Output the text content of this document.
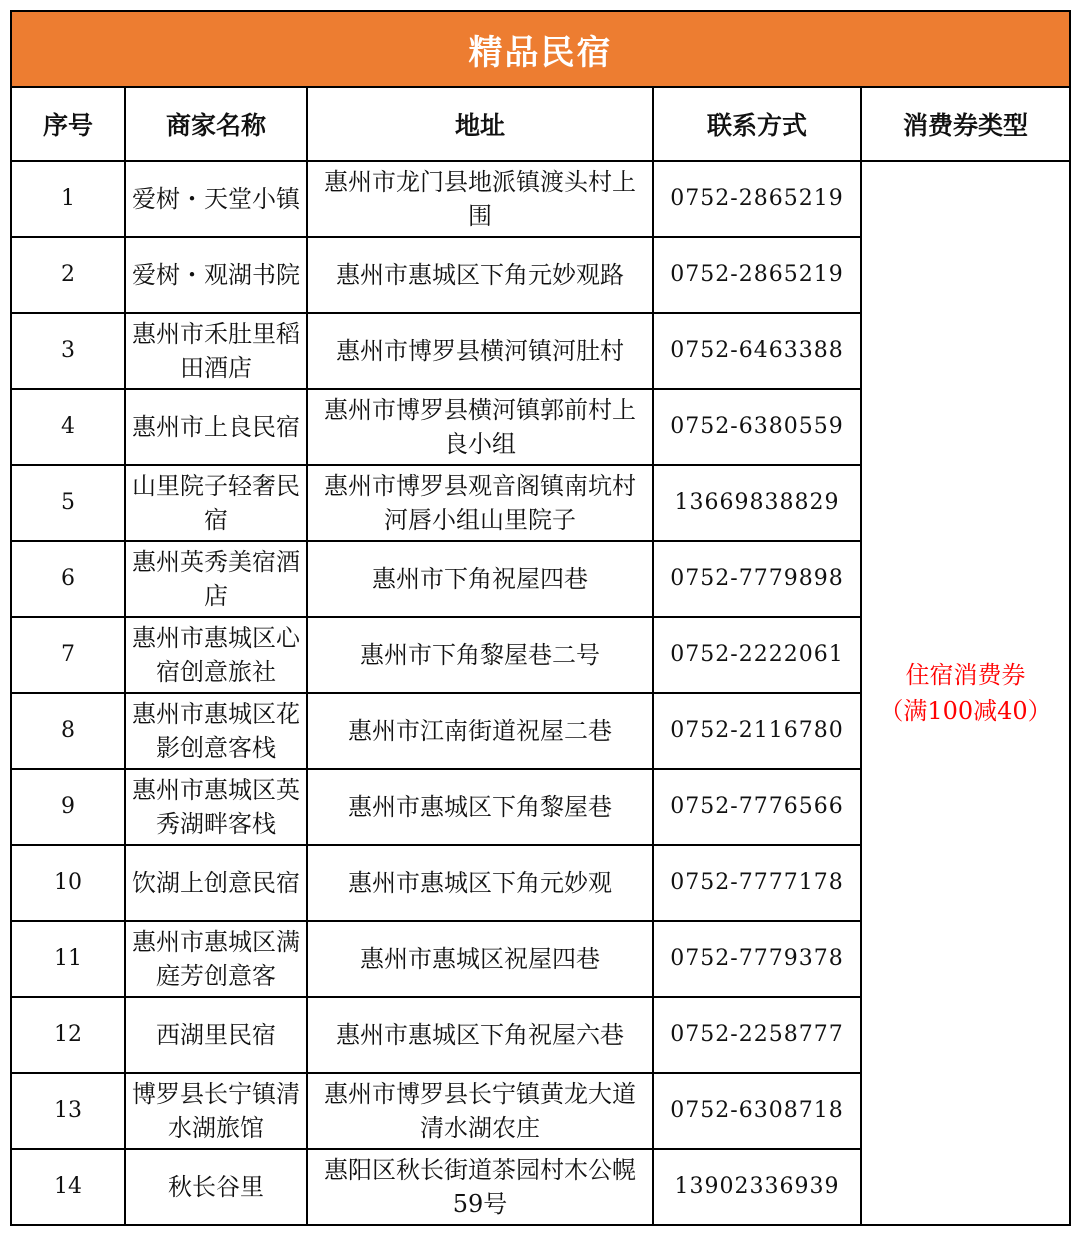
精品民宿				
序号	商家名称	地址	联系方式	消费券类型
1	爱树・天堂小镇	惠州市龙门县地派镇渡头村上围	0752-2865219	住宿消费券
（满100减40）

2	爱树・观湖书院	惠州市惠城区下角元妙观路	0752-2865219	
3	惠州市禾肚里稻田酒店	惠州市博罗县横河镇河肚村	0752-6463388	
4	惠州市上良民宿	惠州市博罗县横河镇郭前村上良小组	0752-6380559	
5	山里院子轻奢民宿	惠州市博罗县观音阁镇南坑村河唇小组山里院子	13669838829	
6	惠州英秀美宿酒店	惠州市下角祝屋四巷	0752-7779898	
7	惠州市惠城区心宿创意旅社	惠州市下角黎屋巷二号	0752-2222061	
8	惠州市惠城区花影创意客栈	惠州市江南街道祝屋二巷	0752-2116780	
9	惠州市惠城区英秀湖畔客栈	惠州市惠城区下角黎屋巷	0752-7776566	
10	饮湖上创意民宿	惠州市惠城区下角元妙观	0752-7777178	
11	惠州市惠城区满庭芳创意客	惠州市惠城区祝屋四巷	0752-7779378	
12	西湖里民宿	惠州市惠城区下角祝屋六巷	0752-2258777	
13	博罗县长宁镇清水湖旅馆	惠州市博罗县长宁镇黄龙大道清水湖农庄	0752-6308718	
14	秋长谷里	惠阳区秋长街道茶园村木公幌59号	13902336939	
